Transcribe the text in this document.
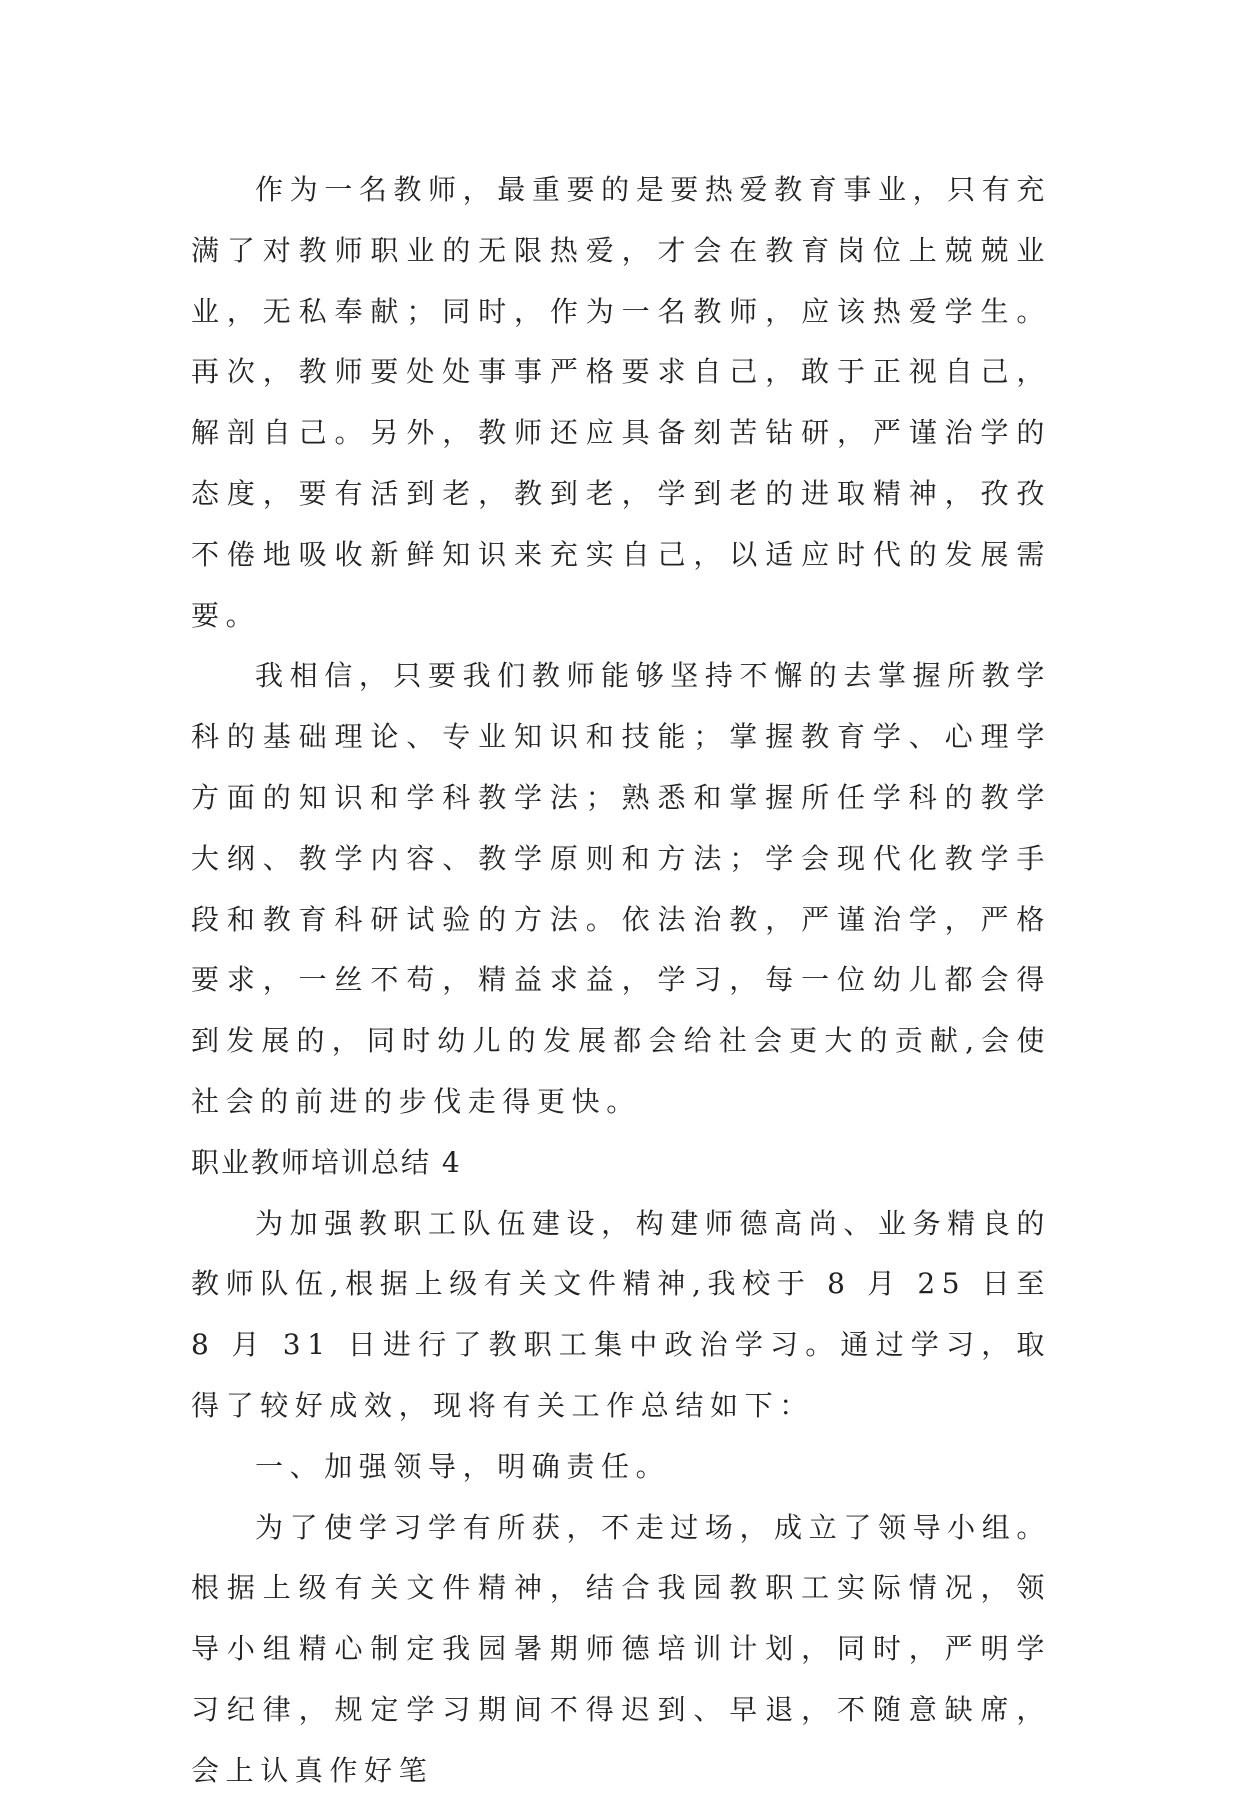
作为一名教师，最重要的是要热爱教育事业，只有充满了对教师职业的无限热爱，才会在教育岗位上兢兢业业，无私奉献；同时，作为一名教师，应该热爱学生。再次，教师要处处事事严格要求自己，敢于正视自己，解剖自己。另外，教师还应具备刻苦钻研，严谨治学的态度，要有活到老，教到老，学到老的进取精神，孜孜不倦地吸收新鲜知识来充实自己，以适应时代的发展需要。

我相信，只要我们教师能够坚持不懈的去掌握所教学科的基础理论、专业知识和技能；掌握教育学、心理学方面的知识和学科教学法；熟悉和掌握所任学科的教学大纲、教学内容、教学原则和方法；学会现代化教学手段和教育科研试验的方法。依法治教，严谨治学，严格要求，一丝不苟，精益求益，学习，每一位幼儿都会得到发展的，同时幼儿的发展都会给社会更大的贡献,会使社会的前进的步伐走得更快。

职业教师培训总结 4

为加强教职工队伍建设，构建师德高尚、业务精良的教师队伍,根据上级有关文件精神,我校于 8 月 25 日至 8 月 31 日进行了教职工集中政治学习。通过学习，取得了较好成效，现将有关工作总结如下：

一、加强领导，明确责任。

为了使学习学有所获，不走过场，成立了领导小组。根据上级有关文件精神，结合我园教职工实际情况，领导小组精心制定我园暑期师德培训计划，同时，严明学习纪律，规定学习期间不得迟到、早退，不随意缺席，会上认真作好笔
